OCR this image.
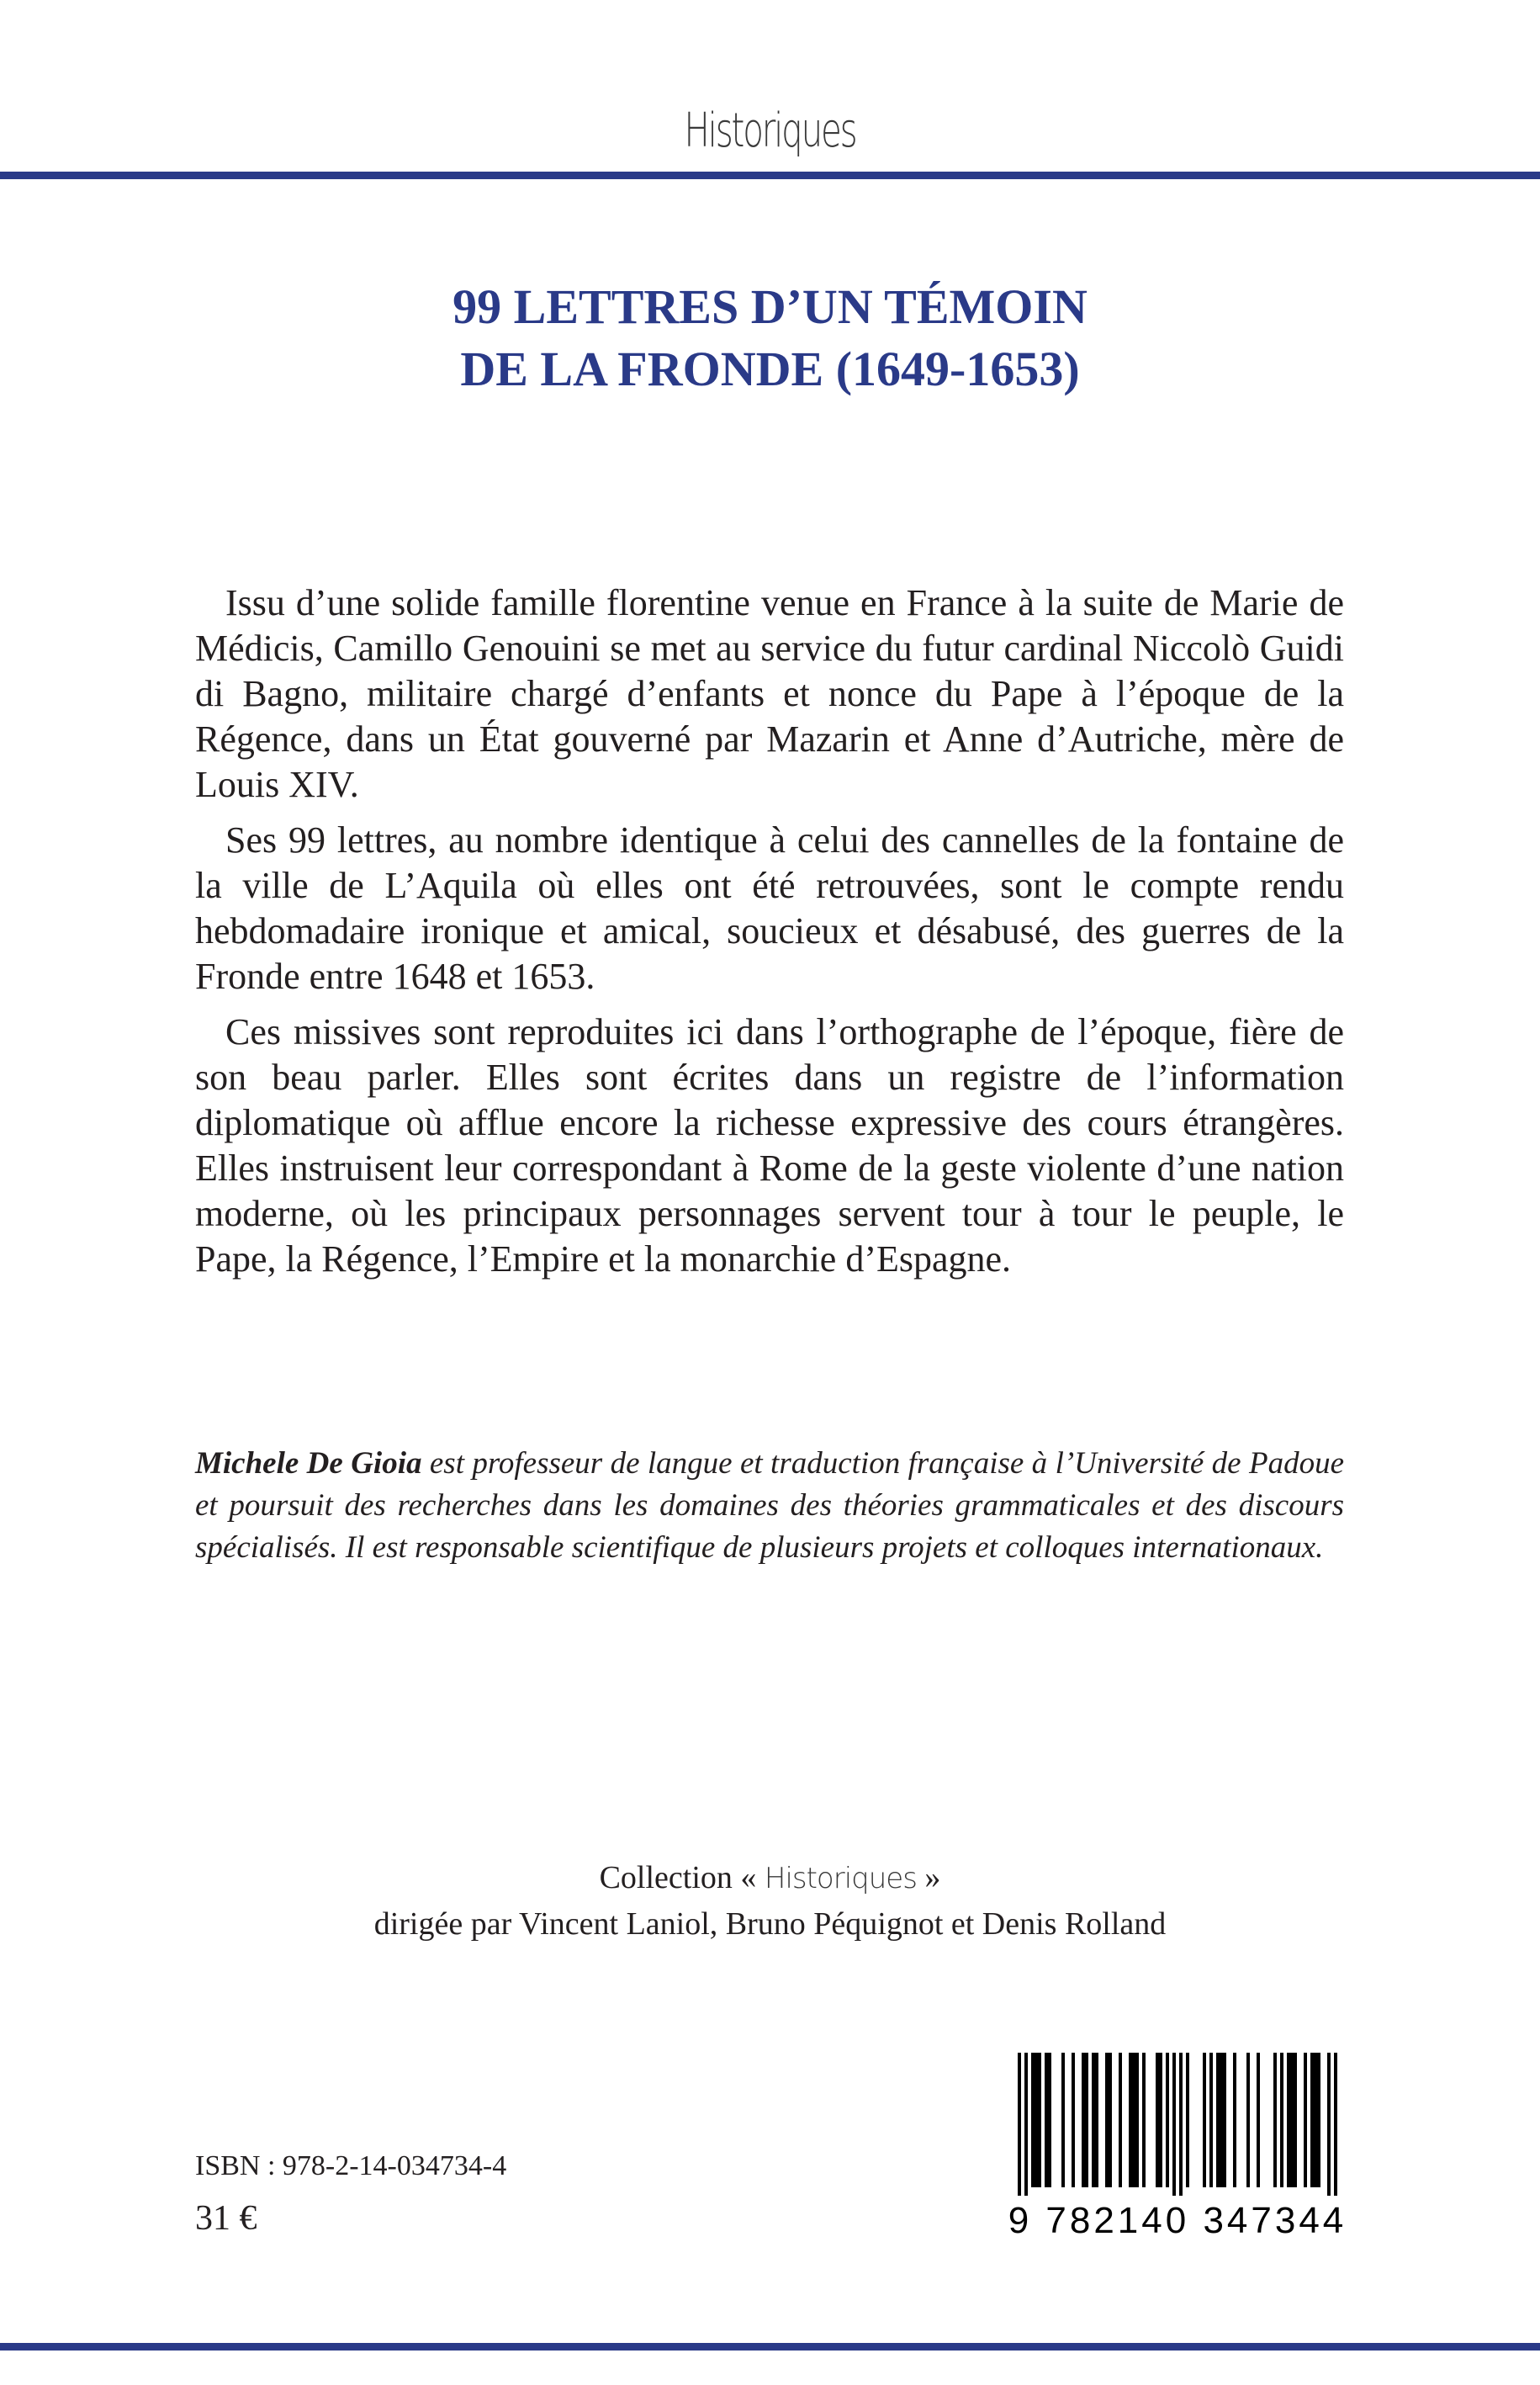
Historiques
99 LETTRES D’UN TÉMOIN
DE LA FRONDE (1649-1653)

Issu d’une solide famille florentine venue en France à la suite de Marie de Médicis, Camillo Genouini se met au service du futur cardinal Niccolò Guidi di Bagno, militaire chargé d’enfants et nonce du Pape à l’époque de la Régence, dans un État gouverné par Mazarin et Anne d’Autriche, mère de Louis XIV.

Ses 99 lettres, au nombre identique à celui des cannelles de la fontaine de la ville de L’Aquila où elles ont été retrouvées, sont le compte rendu hebdomadaire ironique et amical, soucieux et désabusé, des guerres de la Fronde entre 1648 et 1653.

Ces missives sont reproduites ici dans l’orthographe de l’époque, fière de son beau parler. Elles sont écrites dans un registre de l’information diplomatique où afflue encore la richesse expressive des cours étrangères. Elles instruisent leur correspondant à Rome de la geste violente d’une nation moderne, où les principaux personnages servent tour à tour le peuple, le Pape, la Régence, l’Empire et la monarchie d’Espagne.

Michele De Gioia est professeur de langue et traduction française à l’Université de Padoue et poursuit des recherches dans les domaines des théories grammaticales et des discours spécialisés. Il est responsable scientifique de plusieurs projets et colloques internationaux.
Collection « Historiques »
dirigée par Vincent Laniol, Bruno Péquignot et Denis Rolland
ISBN : 978-2-14-034734-4
31 €	9 782140 347344
